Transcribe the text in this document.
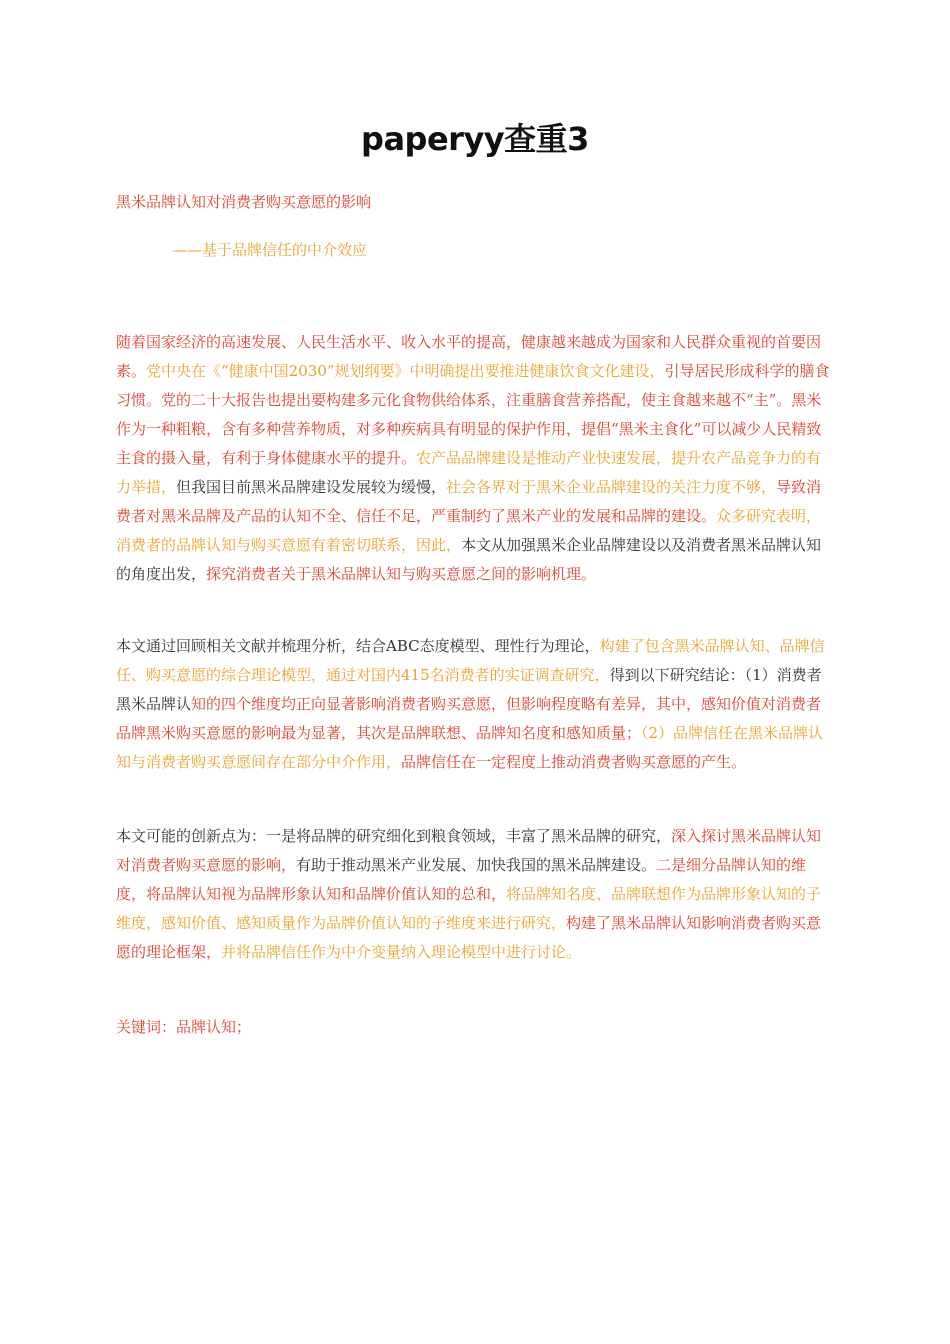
paperyy查重3
黑米品牌认知对消费者购买意愿的影响
——基于品牌信任的中介效应
随着国家经济的高速发展、人民生活水平、收入水平的提高，健康越来越成为国家和人民群众重视的首要因素。党中央在《“健康中国2030”规划纲要》中明确提出要推进健康饮食文化建设，引导居民形成科学的膳食习惯。党的二十大报告也提出要构建多元化食物供给体系，注重膳食营养搭配，使主食越来越不“主”。黑米作为一种粗粮，含有多种营养物质，对多种疾病具有明显的保护作用，提倡“黑米主食化”可以减少人民精致主食的摄入量，有利于身体健康水平的提升。农产品品牌建设是推动产业快速发展，提升农产品竞争力的有力举措，但我国目前黑米品牌建设发展较为缓慢，社会各界对于黑米企业品牌建设的关注力度不够，导致消费者对黑米品牌及产品的认知不全、信任不足，严重制约了黑米产业的发展和品牌的建设。众多研究表明，消费者的品牌认知与购买意愿有着密切联系，因此，本文从加强黑米企业品牌建设以及消费者黑米品牌认知的角度出发，探究消费者关于黑米品牌认知与购买意愿之间的影响机理。
本文通过回顾相关文献并梳理分析，结合ABC态度模型、理性行为理论，构建了包含黑米品牌认知、品牌信任、购买意愿的综合理论模型，通过对国内415名消费者的实证调查研究，得到以下研究结论：（1）消费者黑米品牌认知的四个维度均正向显著影响消费者购买意愿，但影响程度略有差异，其中，感知价值对消费者品牌黑米购买意愿的影响最为显著，其次是品牌联想、品牌知名度和感知质量；（2）品牌信任在黑米品牌认知与消费者购买意愿间存在部分中介作用，品牌信任在一定程度上推动消费者购买意愿的产生。
本文可能的创新点为：一是将品牌的研究细化到粮食领域，丰富了黑米品牌的研究，深入探讨黑米品牌认知对消费者购买意愿的影响，有助于推动黑米产业发展、加快我国的黑米品牌建设。二是细分品牌认知的维度，将品牌认知视为品牌形象认知和品牌价值认知的总和，将品牌知名度、品牌联想作为品牌形象认知的子维度，感知价值、感知质量作为品牌价值认知的子维度来进行研究，构建了黑米品牌认知影响消费者购买意愿的理论框架，并将品牌信任作为中介变量纳入理论模型中进行讨论。
关键词：品牌认知；
